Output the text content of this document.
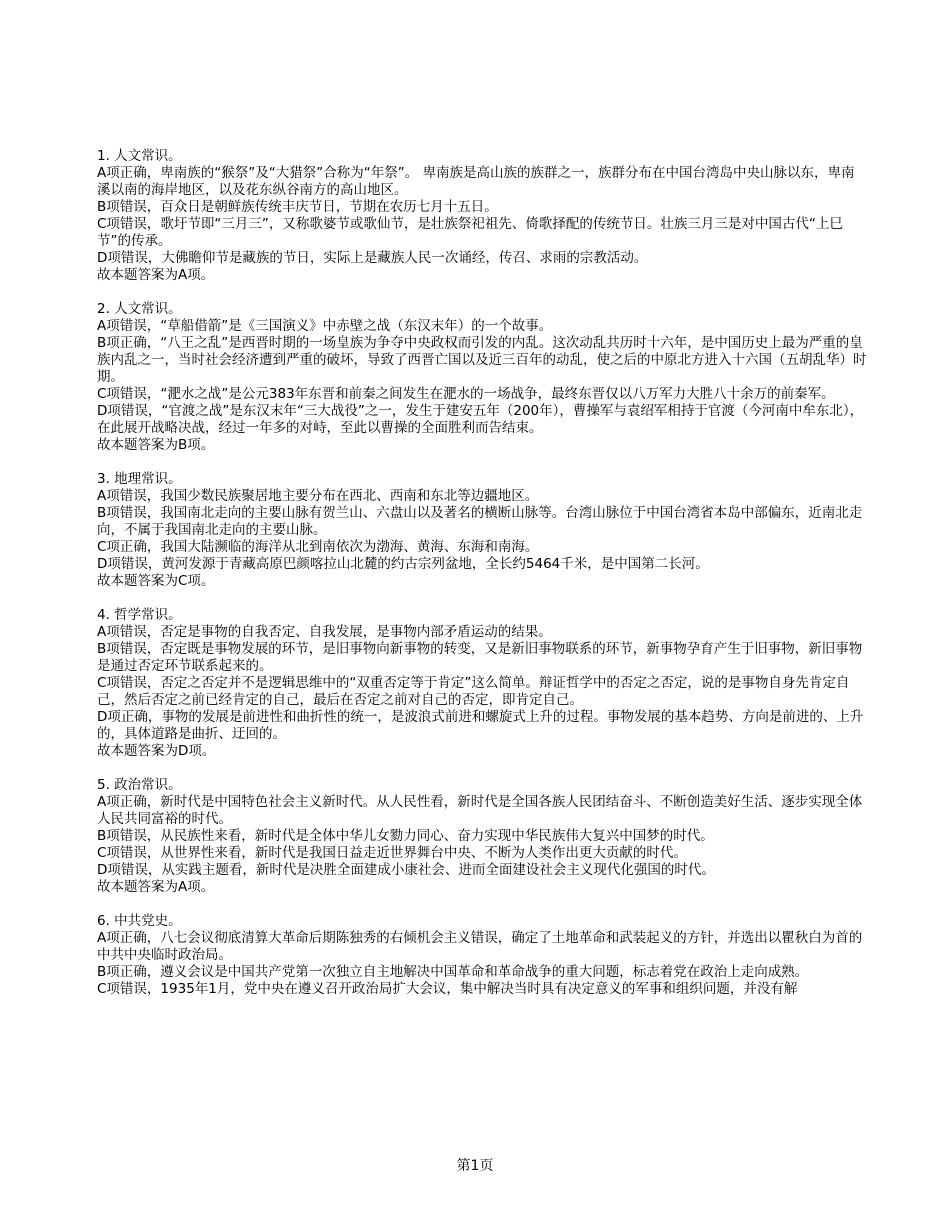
1. 人文常识。

A项正确，卑南族的“猴祭”及“大猎祭”合称为“年祭”。 卑南族是高山族的族群之一，族群分布在中国台湾岛中央山脉以东，卑南溪以南的海岸地区，以及花东纵谷南方的高山地区。

B项错误，百众日是朝鲜族传统丰庆节日，节期在农历七月十五日。

C项错误，歌圩节即“三月三”，又称歌婆节或歌仙节，是壮族祭祀祖先、倚歌择配的传统节日。壮族三月三是对中国古代“上巳节”的传承。

D项错误，大佛瞻仰节是藏族的节日，实际上是藏族人民一次诵经，传召、求雨的宗教活动。

故本题答案为A项。

2. 人文常识。

A项错误，“草船借箭”是《三国演义》中赤壁之战（东汉末年）的一个故事。

B项正确，“八王之乱”是西晋时期的一场皇族为争夺中央政权而引发的内乱。这次动乱共历时十六年，是中国历史上最为严重的皇族内乱之一，当时社会经济遭到严重的破坏，导致了西晋亡国以及近三百年的动乱，使之后的中原北方进入十六国（五胡乱华）时期。

C项错误，“淝水之战”是公元383年东晋和前秦之间发生在淝水的一场战争，最终东晋仅以八万军力大胜八十余万的前秦军。

D项错误，“官渡之战”是东汉末年“三大战役”之一，发生于建安五年（200年），曹操军与袁绍军相持于官渡（今河南中牟东北），在此展开战略决战，经过一年多的对峙，至此以曹操的全面胜利而告结束。

故本题答案为B项。

3. 地理常识。

A项错误，我国少数民族聚居地主要分布在西北、西南和东北等边疆地区。

B项错误，我国南北走向的主要山脉有贺兰山、六盘山以及著名的横断山脉等。台湾山脉位于中国台湾省本岛中部偏东，近南北走向，不属于我国南北走向的主要山脉。

C项正确，我国大陆濒临的海洋从北到南依次为渤海、黄海、东海和南海。

D项错误，黄河发源于青藏高原巴颜喀拉山北麓的约古宗列盆地，全长约5464千米，是中国第二长河。

故本题答案为C项。

4. 哲学常识。

A项错误，否定是事物的自我否定、自我发展，是事物内部矛盾运动的结果。

B项错误，否定既是事物发展的环节，是旧事物向新事物的转变，又是新旧事物联系的环节，新事物孕育产生于旧事物，新旧事物是通过否定环节联系起来的。

C项错误，否定之否定并不是逻辑思维中的“双重否定等于肯定”这么简单。辩证哲学中的否定之否定，说的是事物自身先肯定自己，然后否定之前已经肯定的自己，最后在否定之前对自己的否定，即肯定自己。

D项正确，事物的发展是前进性和曲折性的统一，是波浪式前进和螺旋式上升的过程。事物发展的基本趋势、方向是前进的、上升的，具体道路是曲折、迂回的。

故本题答案为D项。

5. 政治常识。

A项正确，新时代是中国特色社会主义新时代。从人民性看，新时代是全国各族人民团结奋斗、不断创造美好生活、逐步实现全体人民共同富裕的时代。

B项错误，从民族性来看，新时代是全体中华儿女勠力同心、奋力实现中华民族伟大复兴中国梦的时代。

C项错误，从世界性来看，新时代是我国日益走近世界舞台中央、不断为人类作出更大贡献的时代。

D项错误，从实践主题看，新时代是决胜全面建成小康社会、进而全面建设社会主义现代化强国的时代。

故本题答案为A项。

6. 中共党史。

A项正确，八七会议彻底清算大革命后期陈独秀的右倾机会主义错误，确定了土地革命和武装起义的方针，并选出以瞿秋白为首的中共中央临时政治局。

B项正确，遵义会议是中国共产党第一次独立自主地解决中国革命和革命战争的重大问题，标志着党在政治上走向成熟。

C项错误，1935年1月，党中央在遵义召开政治局扩大会议，集中解决当时具有决定意义的军事和组织问题，并没有解

第1页
